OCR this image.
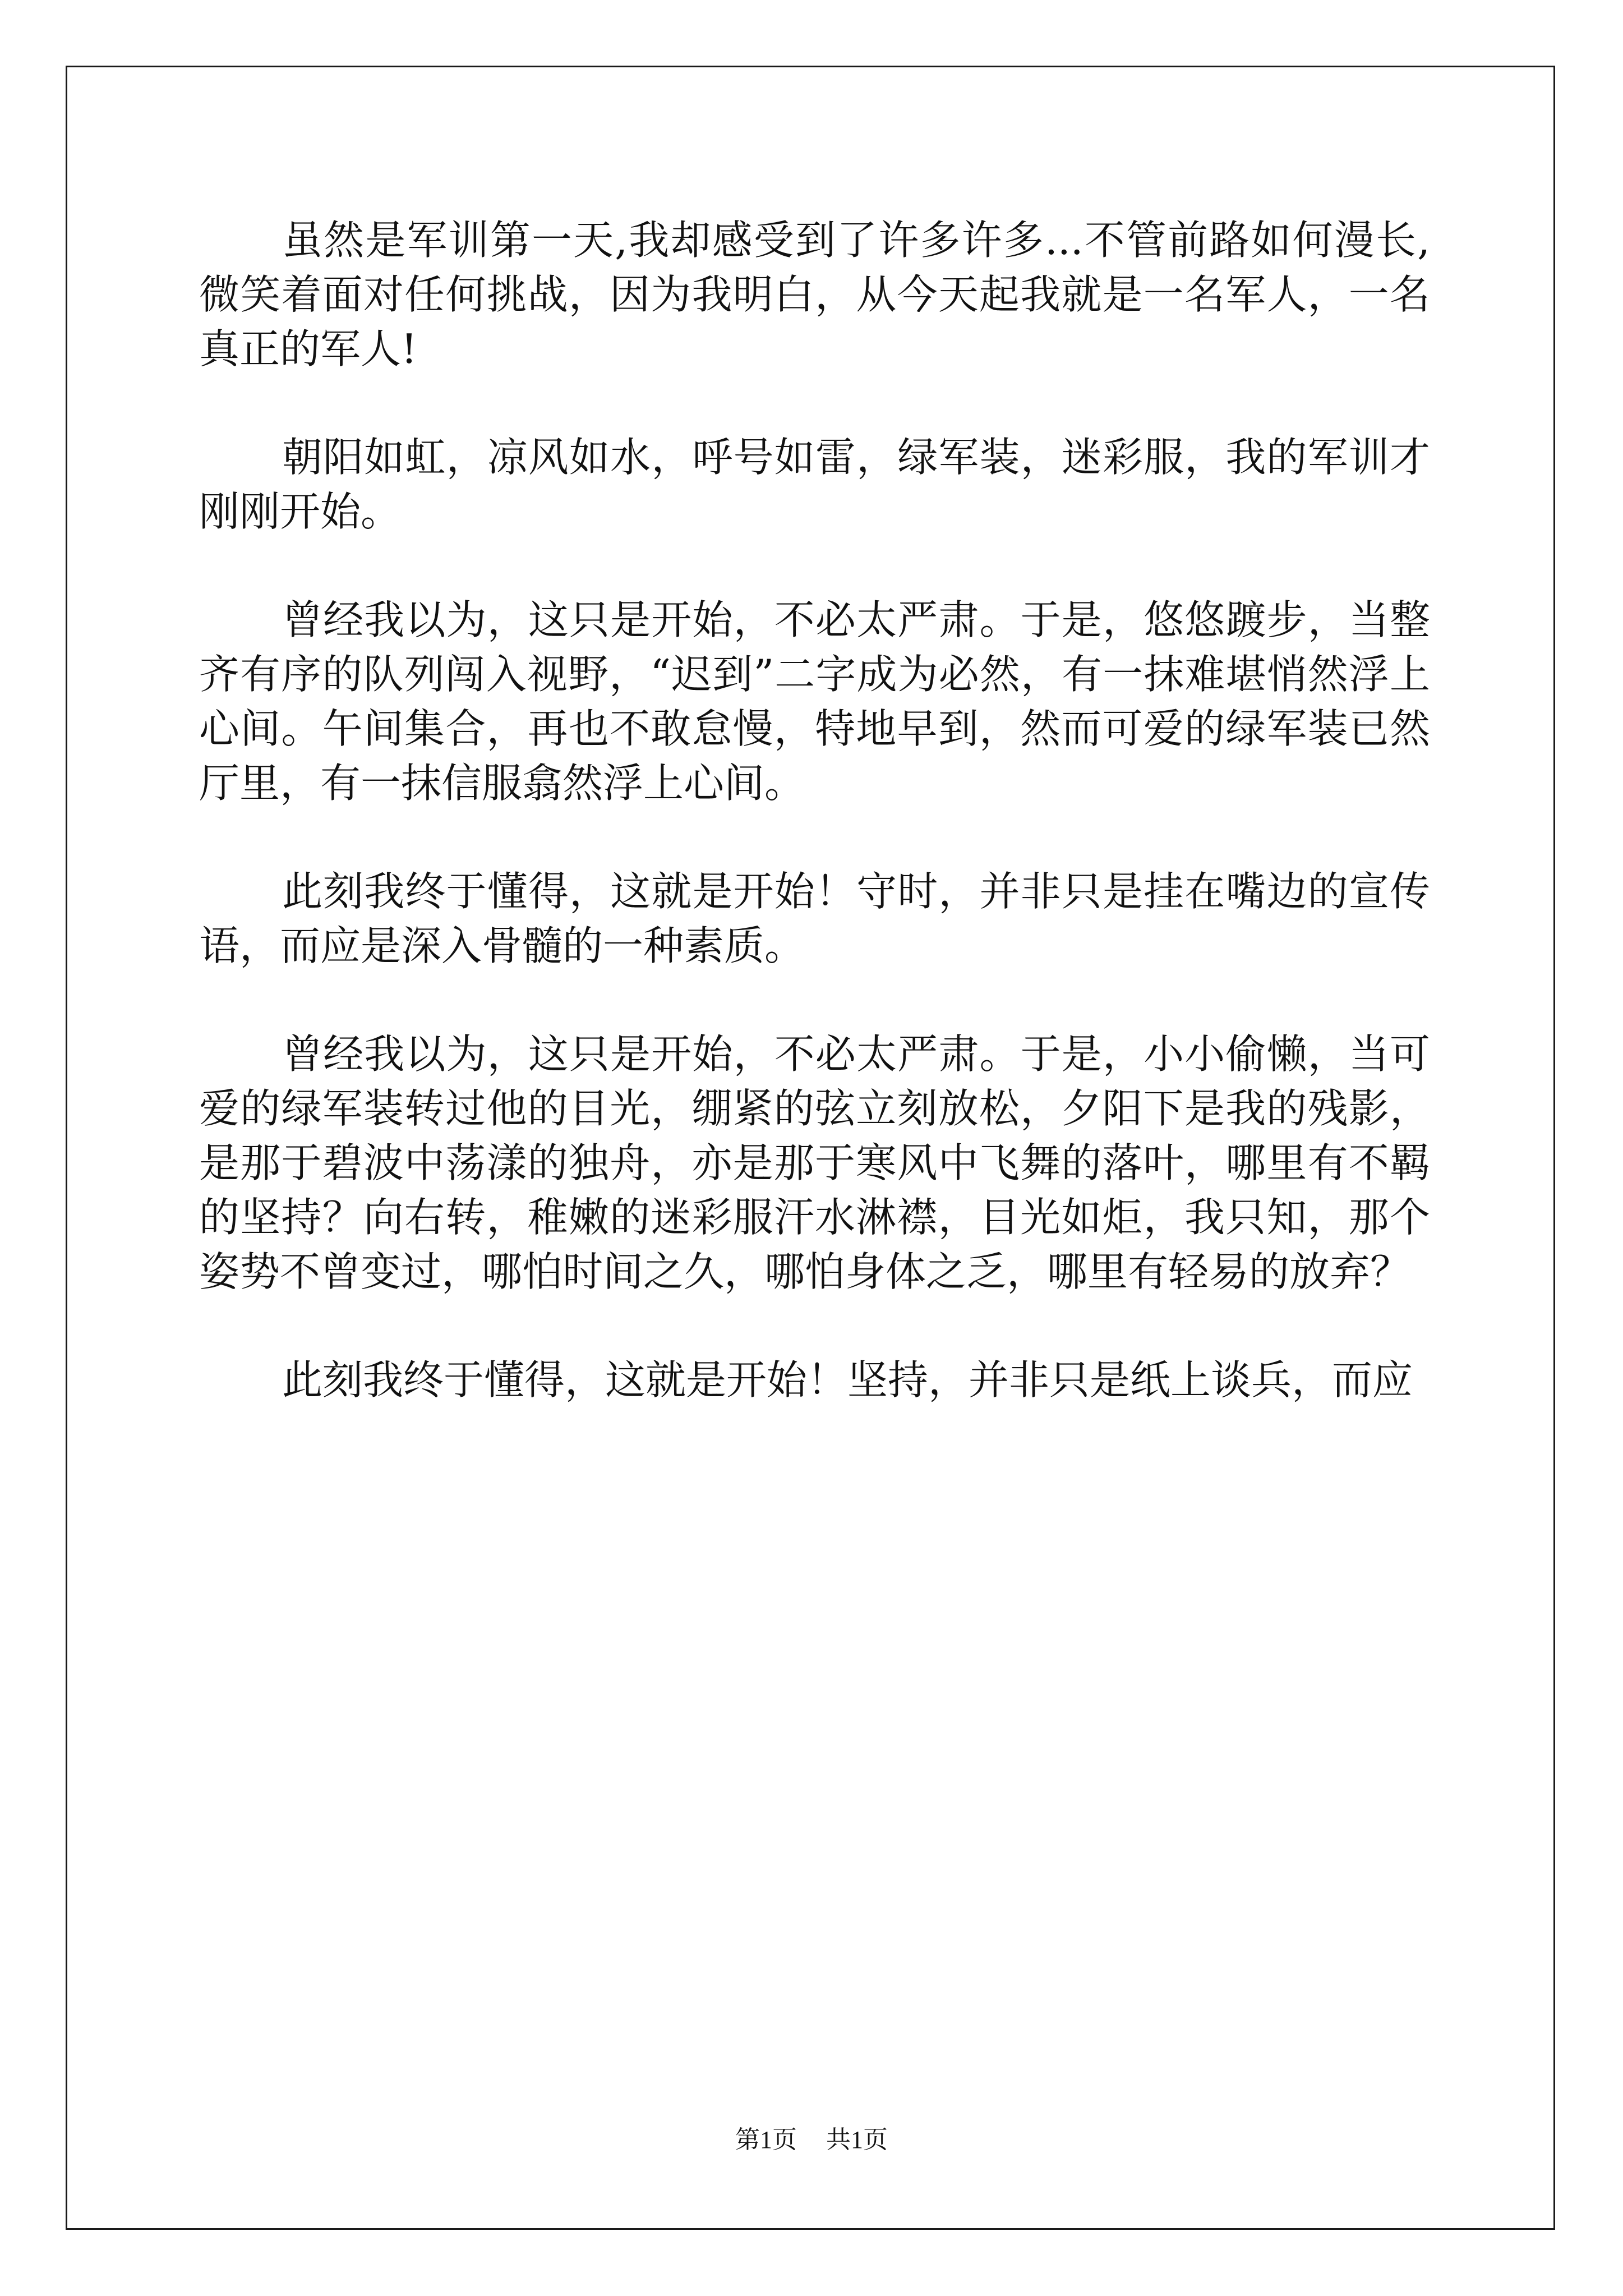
虽然是军训第一天,我却感受到了许多许多...不管前路如何漫长,微笑着面对任何挑战，因为我明白，从今天起我就是一名军人，一名真正的军人!

朝阳如虹，凉风如水，呼号如雷，绿军装，迷彩服，我的军训才刚刚开始。

曾经我以为，这只是开始，不必太严肃。于是，悠悠踱步，当整齐有序的队列闯入视野，“迟到”二字成为必然，有一抹难堪悄然浮上心间。午间集合，再也不敢怠慢，特地早到，然而可爱的绿军装已然厅里，有一抹信服翕然浮上心间。

此刻我终于懂得，这就是开始！守时，并非只是挂在嘴边的宣传语，而应是深入骨髓的一种素质。

曾经我以为，这只是开始，不必太严肃。于是，小小偷懒，当可爱的绿军装转过他的目光，绷紧的弦立刻放松，夕阳下是我的残影，是那于碧波中荡漾的独舟，亦是那于寒风中飞舞的落叶，哪里有不羁的坚持？向右转，稚嫩的迷彩服汗水淋襟，目光如炬，我只知，那个姿势不曾变过，哪怕时间之久，哪怕身体之乏，哪里有轻易的放弃？

此刻我终于懂得，这就是开始！坚持，并非只是纸上谈兵，而应

第1页 共1页
